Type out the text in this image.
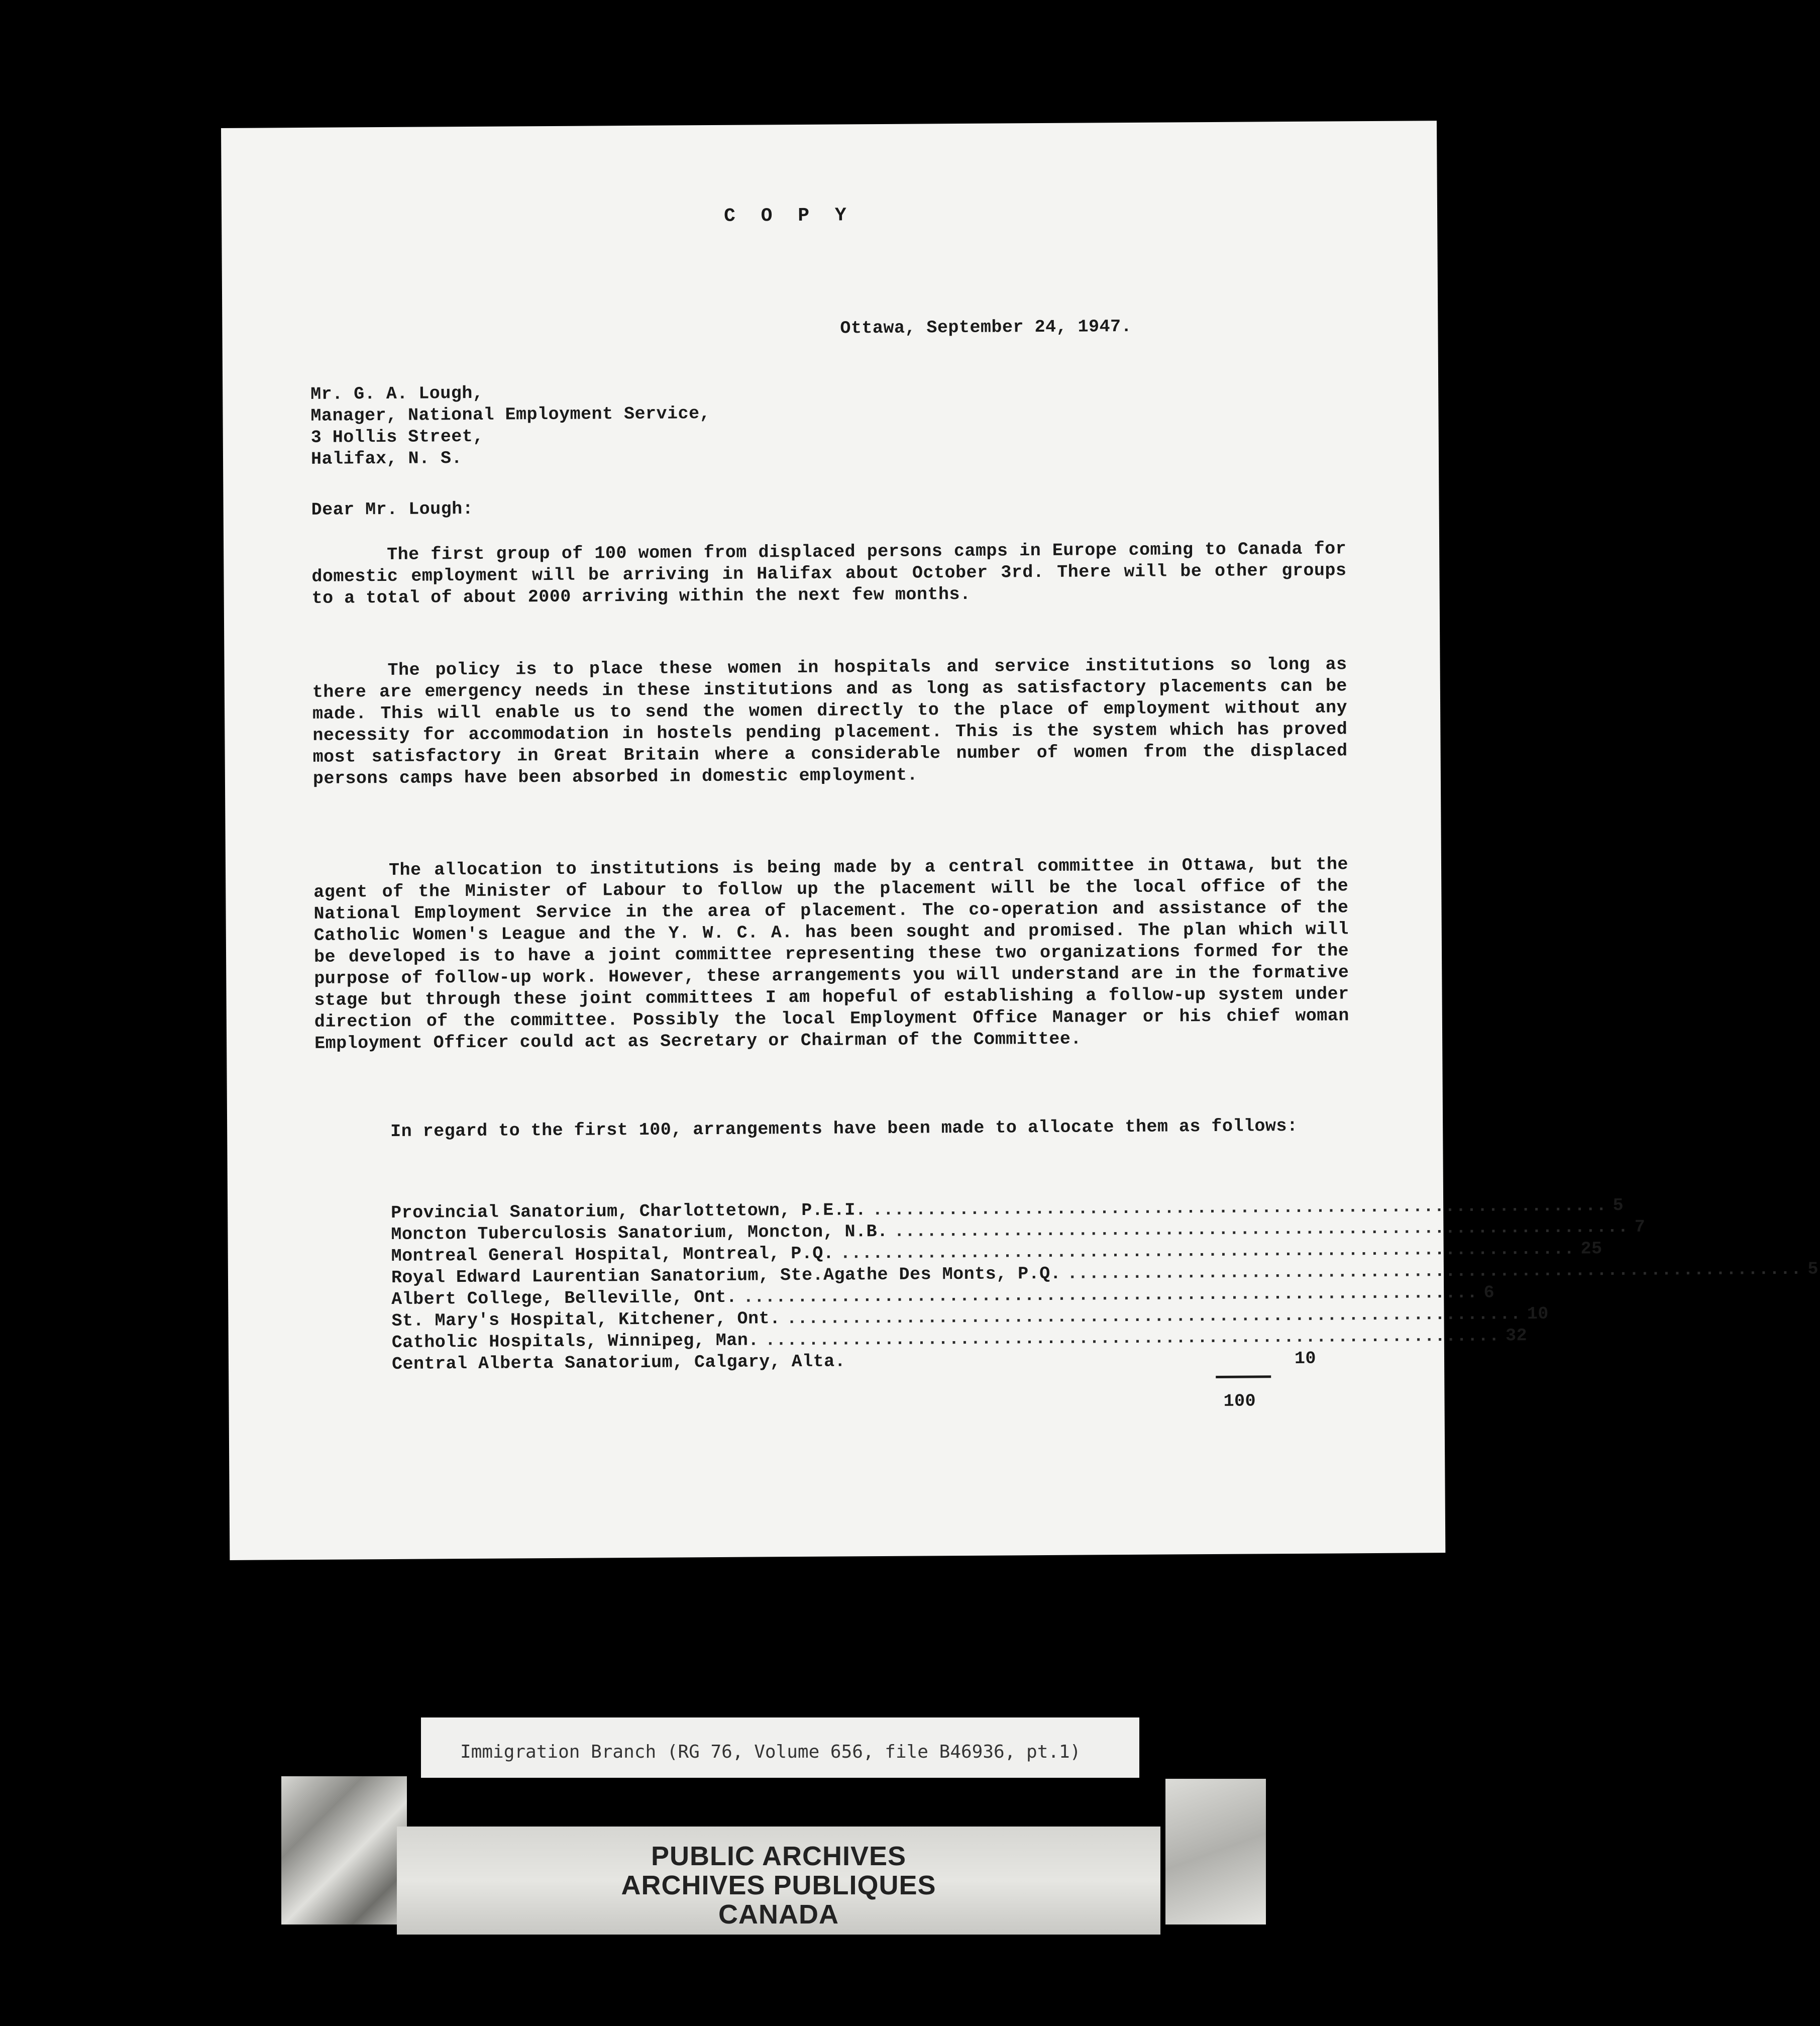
C O P Y
Ottawa, September 24, 1947.
Mr. G. A. Lough,
Manager, National Employment Service,
3 Hollis Street,
Halifax, N. S.
Dear Mr. Lough:

The first group of 100 women from displaced persons camps in Europe coming to Canada for domestic employment will be arriving in Halifax about October 3rd. There will be other groups to a total of about 2000 arriving within the next few months.

The policy is to place these women in hospitals and service institutions so long as there are emergency needs in these institutions and as long as satisfactory placements can be made. This will enable us to send the women directly to the place of employment without any necessity for accommodation in hostels pending placement. This is the system which has proved most satisfactory in Great Britain where a considerable number of women from the displaced persons camps have been absorbed in domestic employment.

The allocation to institutions is being made by a central committee in Ottawa, but the agent of the Minister of Labour to follow up the placement will be the local office of the National Employment Service in the area of placement. The co-operation and assistance of the Catholic Women's League and the Y. W. C. A. has been sought and promised. The plan which will be developed is to have a joint committee representing these two organizations formed for the purpose of follow-up work. However, these arrangements you will understand are in the formative stage but through these joint committees I am hopeful of establishing a follow-up system under direction of the committee. Possibly the local Employment Office Manager or his chief woman Employment Officer could act as Secretary or Chairman of the Committee.

In regard to the first 100, arrangements have been made to allocate them as follows:

Provincial Sanatorium, Charlottetown, P.E.I. .................................................................... 5
Moncton Tuberculosis Sanatorium, Moncton, N.B. .................................................................... 7
Montreal General Hospital, Montreal, P.Q. .................................................................... 25
Royal Edward Laurentian Sanatorium, Ste.Agathe Des Monts, P.Q. .................................................................... 5
Albert College, Belleville, Ont. .................................................................... 6
St. Mary's Hospital, Kitchener, Ont. .................................................................... 10
Catholic Hospitals, Winnipeg, Man. .................................................................... 32
Central Alberta Sanatorium, Calgary, Alta.	10
100
Immigration Branch (RG 76, Volume 656, file B46936, pt.1)
PUBLIC ARCHIVES
ARCHIVES PUBLIQUES
CANADA
